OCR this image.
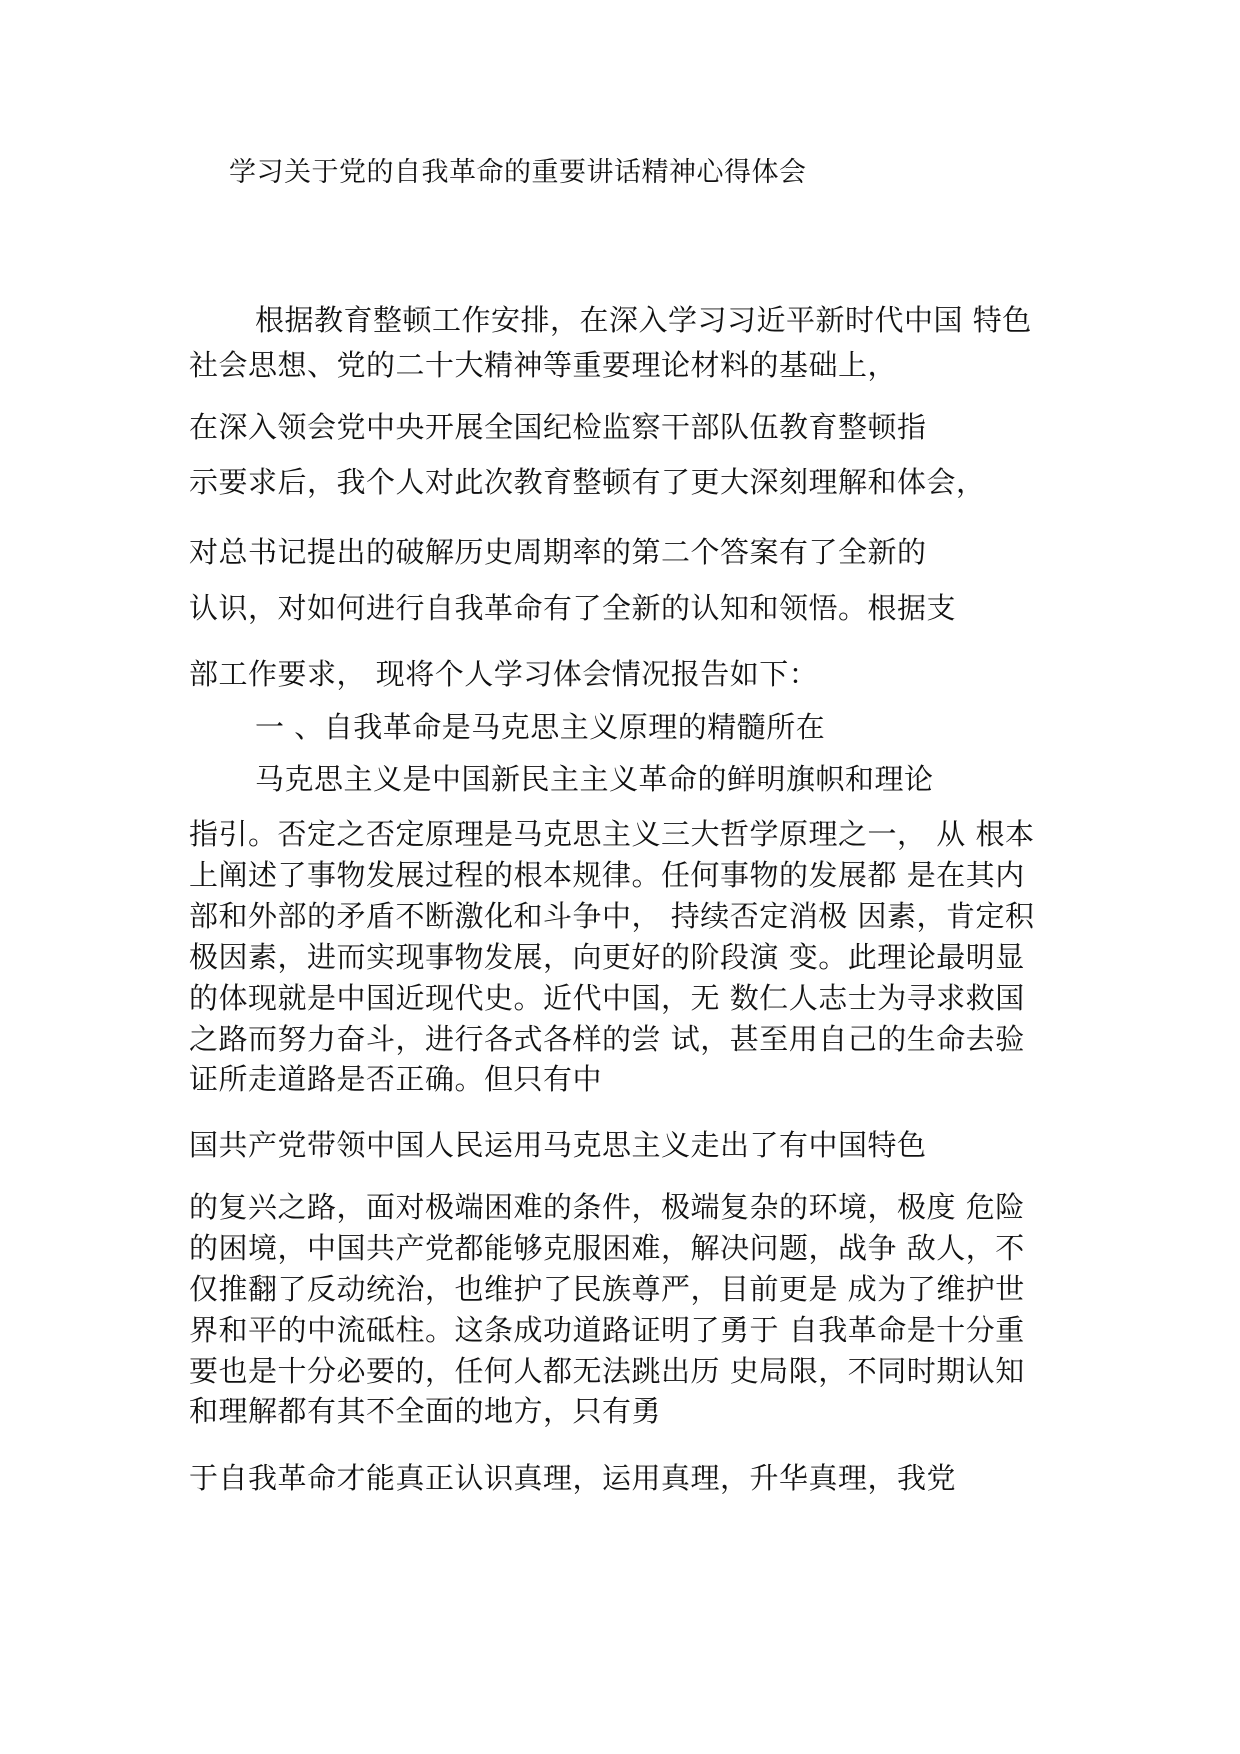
学习关于党的自我革命的重要讲话精神心得体会

根据教育整顿工作安排，在深入学习习近平新时代中国 特色

社会思想、党的二十大精神等重要理论材料的基础上，

在深入领会党中央开展全国纪检监察干部队伍教育整顿指

示要求后，我个人对此次教育整顿有了更大深刻理解和体会，

对总书记提出的破解历史周期率的第二个答案有了全新的

认识，对如何进行自我革命有了全新的认知和领悟。根据支

部工作要求， 现将个人学习体会情况报告如下：

一 、自我革命是马克思主义原理的精髓所在

马克思主义是中国新民主主义革命的鲜明旗帜和理论

指引。否定之否定原理是马克思主义三大哲学原理之一， 从 根本

上阐述了事物发展过程的根本规律。任何事物的发展都 是在其内

部和外部的矛盾不断激化和斗争中， 持续否定消极 因素，肯定积

极因素，进而实现事物发展，向更好的阶段演 变。此理论最明显

的体现就是中国近现代史。近代中国，无 数仁人志士为寻求救国

之路而努力奋斗，进行各式各样的尝 试，甚至用自己的生命去验

证所走道路是否正确。但只有中

国共产党带领中国人民运用马克思主义走出了有中国特色

的复兴之路，面对极端困难的条件，极端复杂的环境，极度 危险

的困境，中国共产党都能够克服困难，解决问题，战争 敌人，不

仅推翻了反动统治，也维护了民族尊严，目前更是 成为了维护世

界和平的中流砥柱。这条成功道路证明了勇于 自我革命是十分重

要也是十分必要的，任何人都无法跳出历 史局限，不同时期认知

和理解都有其不全面的地方，只有勇

于自我革命才能真正认识真理，运用真理，升华真理，我党
